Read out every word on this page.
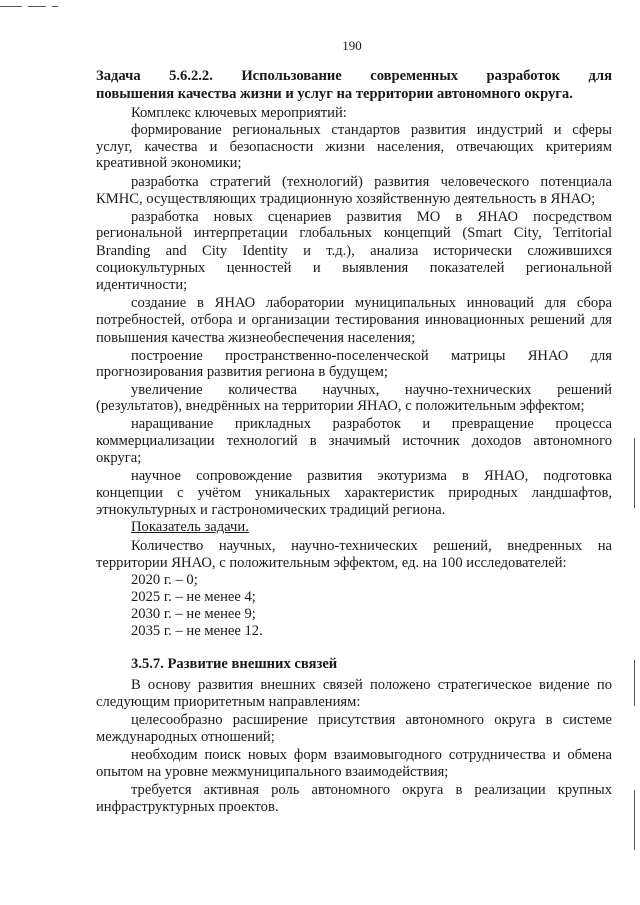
190
Задача 5.6.2.2. Использование современных разработок для
повышения качества жизни и услуг на территории автономного округа.
Комплекс ключевых мероприятий:
формирование региональных стандартов развития индустрий и сферы
услуг, качества и безопасности жизни населения, отвечающих критериям
креативной экономики;
разработка стратегий (технологий) развития человеческого потенциала
КМНС, осуществляющих традиционную хозяйственную деятельность в ЯНАО;
разработка новых сценариев развития МО в ЯНАО посредством
региональной интерпретации глобальных концепций (Smart City, Territorial
Branding and City Identity и т.д.), анализа исторически сложившихся
социокультурных ценностей и выявления показателей региональной
идентичности;
создание в ЯНАО лаборатории муниципальных инноваций для сбора
потребностей, отбора и организации тестирования инновационных решений для
повышения качества жизнеобеспечения населения;
построение пространственно-поселенческой матрицы ЯНАО для
прогнозирования развития региона в будущем;
увеличение количества научных, научно-технических решений
(результатов), внедрённых на территории ЯНАО, с положительным эффектом;
наращивание прикладных разработок и превращение процесса
коммерциализации технологий в значимый источник доходов автономного
округа;
научное сопровождение развития экотуризма в ЯНАО, подготовка
концепции с учётом уникальных характеристик природных ландшафтов,
этнокультурных и гастрономических традиций региона.
Показатель задачи.
Количество научных, научно-технических решений, внедренных на
территории ЯНАО, с положительным эффектом, ед. на 100 исследователей:
2020 г. – 0;
2025 г. – не менее 4;
2030 г. – не менее 9;
2035 г. – не менее 12.
3.5.7. Развитие внешних связей
В основу развития внешних связей положено стратегическое видение по
следующим приоритетным направлениям:
целесообразно расширение присутствия автономного округа в системе
международных отношений;
необходим поиск новых форм взаимовыгодного сотрудничества и обмена
опытом на уровне межмуниципального взаимодействия;
требуется активная роль автономного округа в реализации крупных
инфраструктурных проектов.
